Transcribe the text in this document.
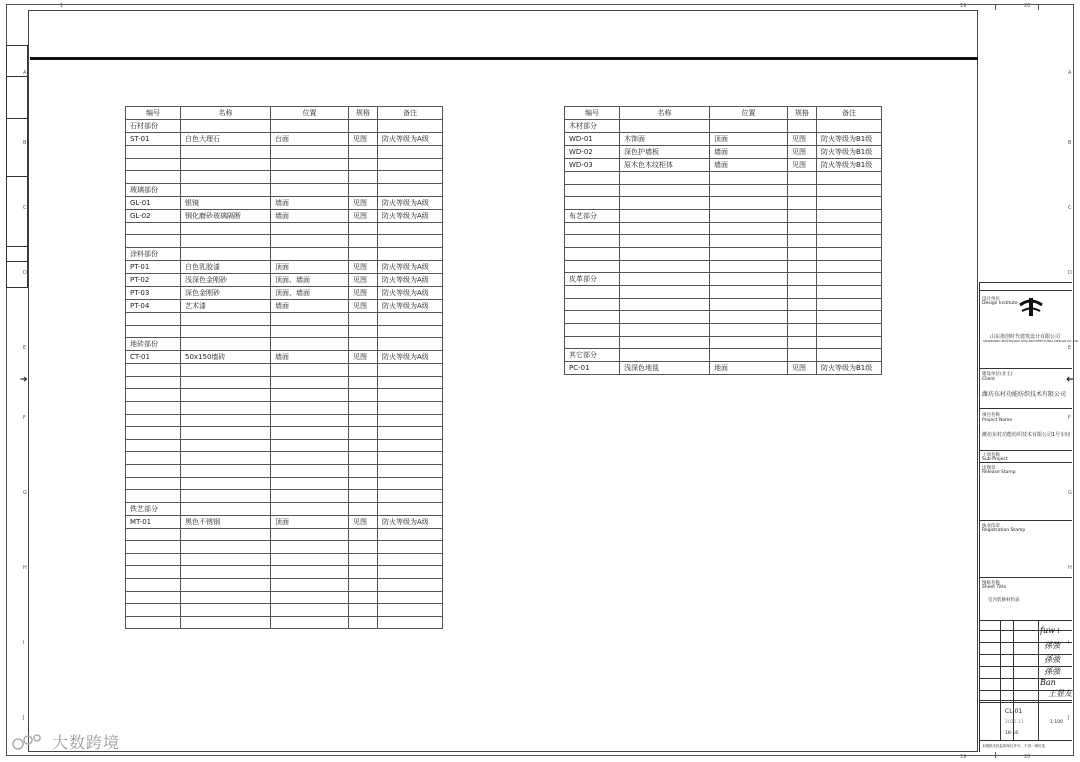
1	19	20
19	20
➔	➔
编号	名称	位置	规格	备注
石材部份				
ST-01	白色大理石	台面	见图	防火等级为A级

玻璃部份				
GL-01	银镜	墙面	见图	防火等级为A级
GL-02	钢化磨砂玻璃隔断	墙面	见图	防火等级为A级

涂料部份				
PT-01	白色乳胶漆	顶面	见图	防火等级为A级
PT-02	浅深色金刚砂	顶面、墙面	见图	防火等级为A级
PT-03	深色金刚砂	顶面、墙面	见图	防火等级为A级
PT-04	艺术漆	墙面	见图	防火等级为A级

地砖部份				
CT-01	50x150墙砖	墙面	见图	防火等级为A级

铁艺部分				
MT-01	黑色不锈钢	顶面	见图	防火等级为A级

编号	名称	位置	规格	备注
木材部分				
WD-01	木饰面	顶面	见图	防火等级为B1级
WD-02	深色护墙板	墙面	见图	防火等级为B1级
WD-03	原木色木纹柜体	墙面	见图	防火等级为B1级

布艺部分				

皮革部分				

其它部分				
PC-01	浅深色地毯	地面	见图	防火等级为B1级
设计单位
Design Institute
山东墨创时代建筑设计有限公司
SHANDONG MOCHUANG SHIJI ARCHITECTURAL DESIGN CO.,LTD
建设单位(业主)
Client
潍坊东村功能纺织技术有限公司
项目名称
Project Name
潍坊东村功能纺织技术有限公司1号车间
子项名称
Sub-Project
出图章
Release Stamp
执业印章
Registration Stamp
图纸名称
Sheet Title
室内装修材料表
fuw+
孫強
孫強
孫強
Ban
王显友
CL-01
2021.11	1:100
18-16
本图纸未经监制单位许可，不得一律仿造
大数跨境
A	A
B	B
C	C
D	D
E	E
F	F
G	G
H	H
I	I
J	J
